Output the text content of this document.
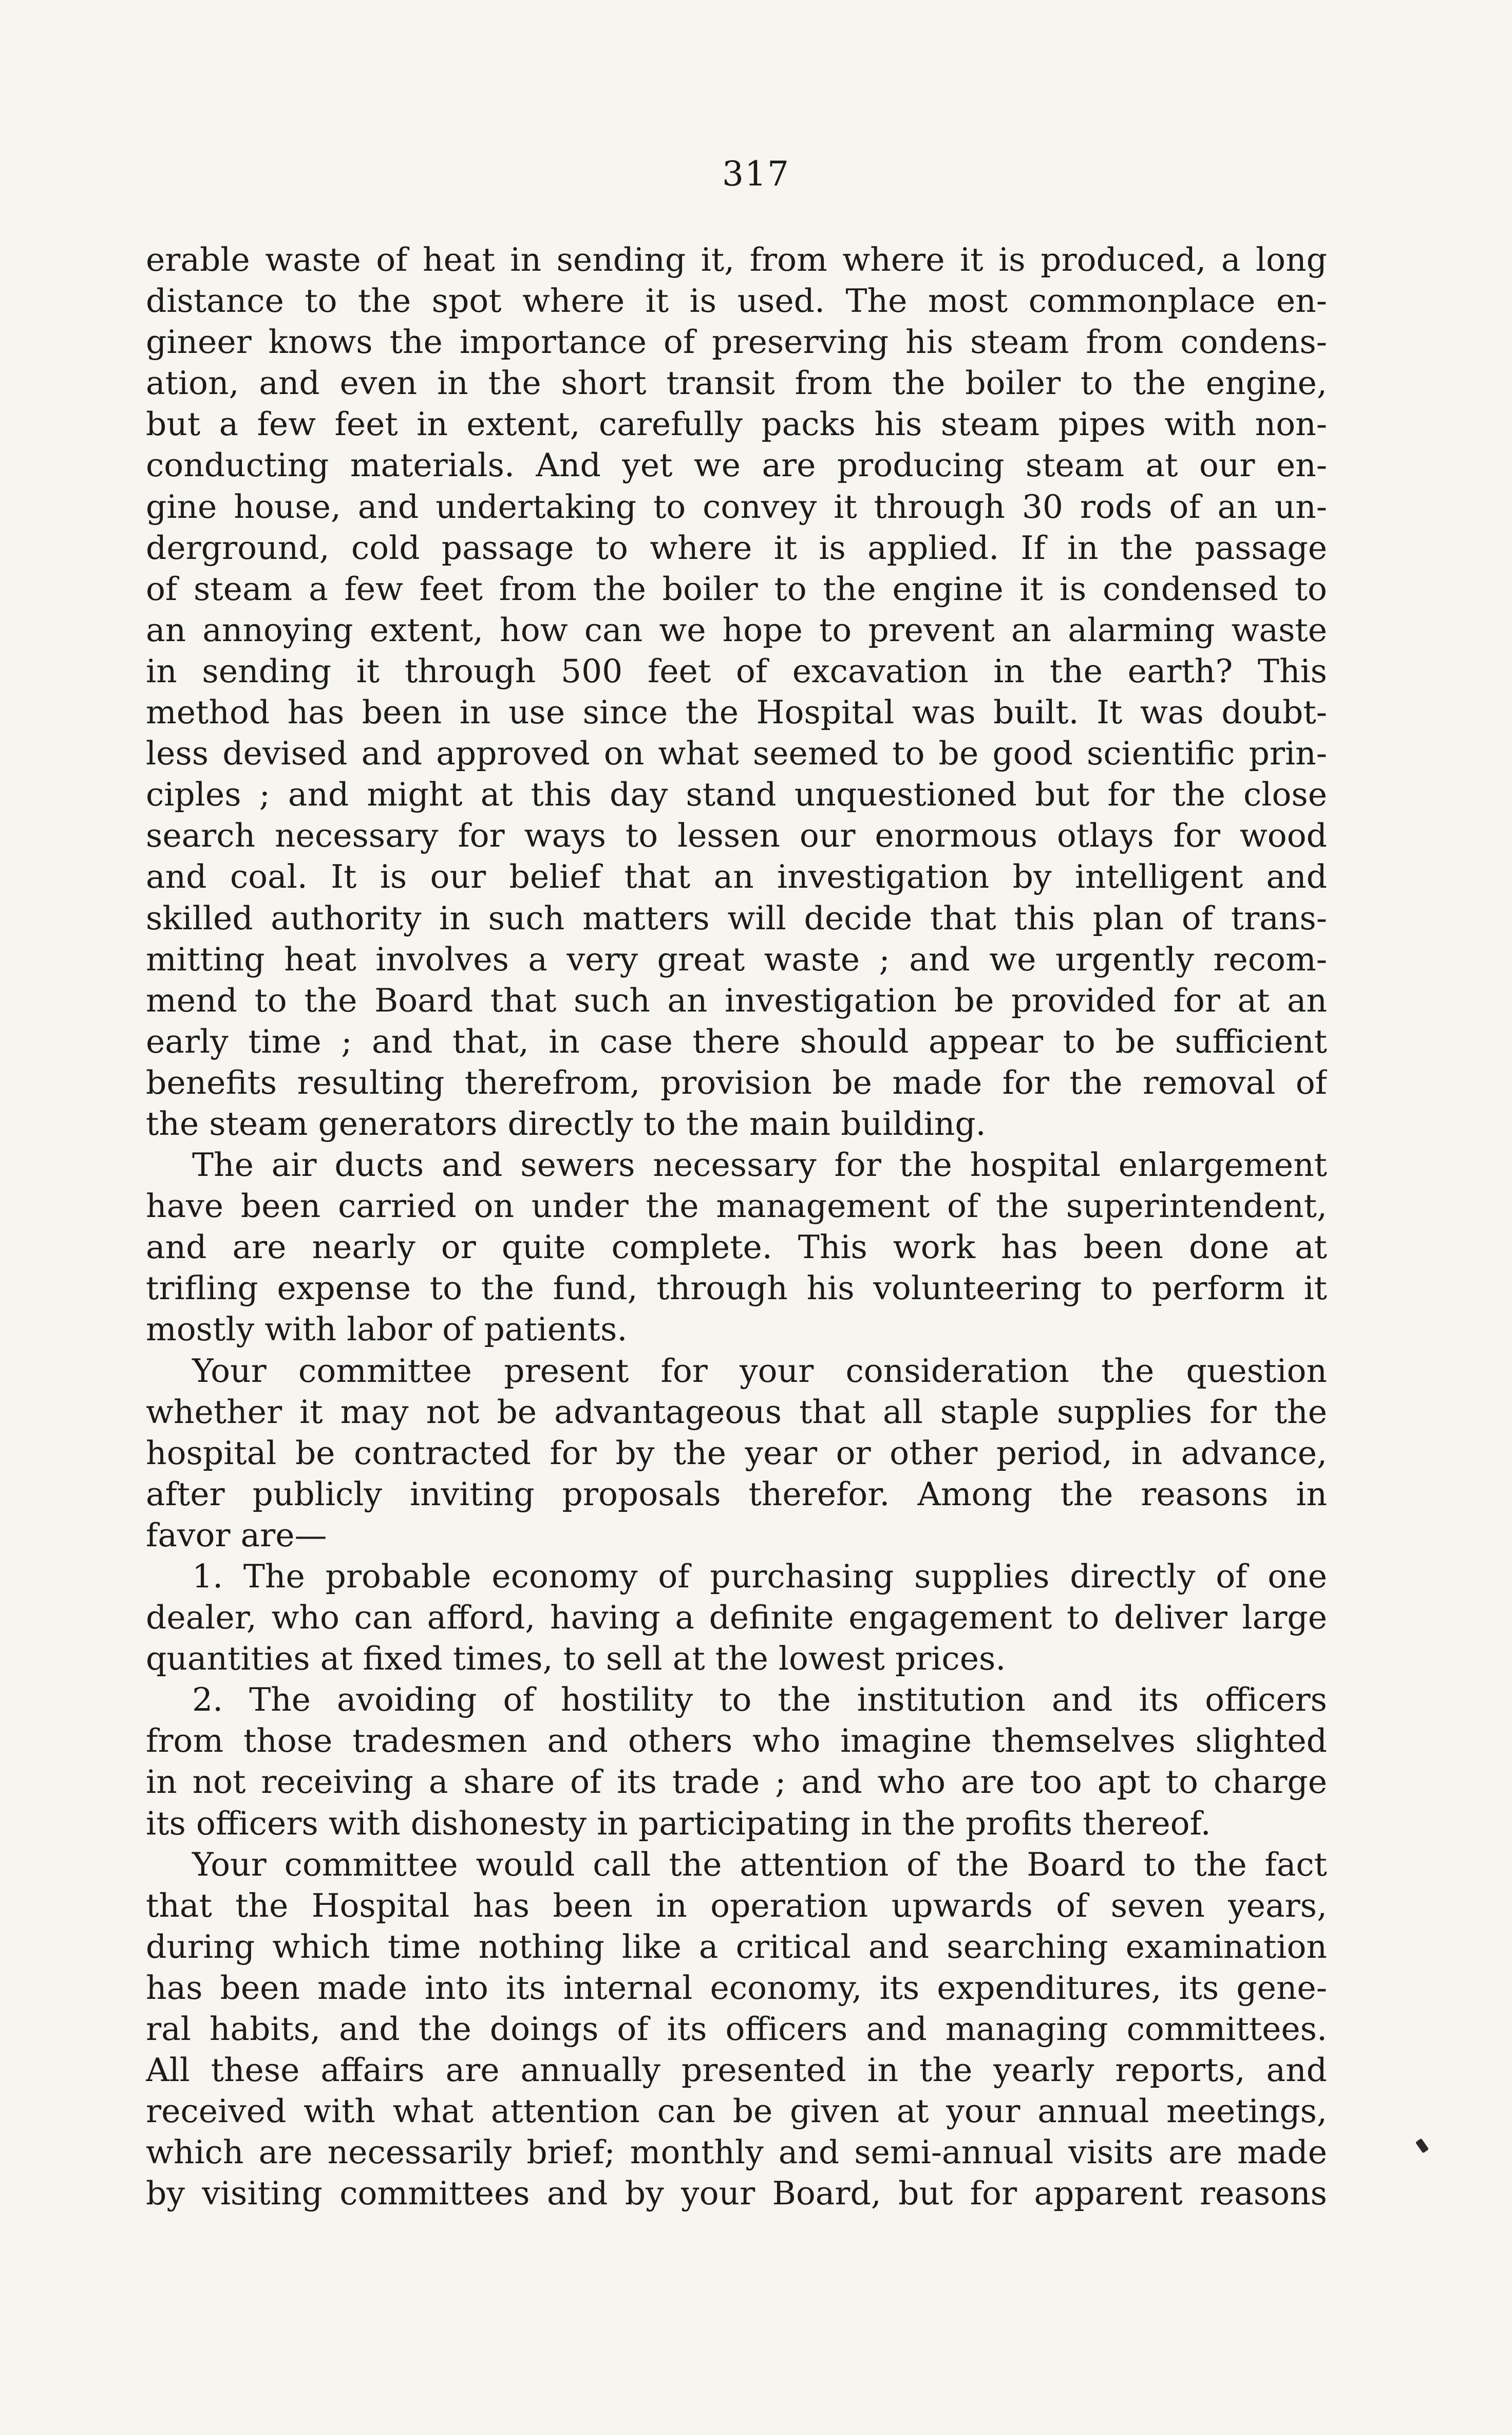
317
erable waste of heat in sending it, from where it is produced, a long
distance to the spot where it is used. The most commonplace en-
gineer knows the importance of preserving his steam from condens-
ation, and even in the short transit from the boiler to the engine,
but a few feet in extent, carefully packs his steam pipes with non-
conducting materials. And yet we are producing steam at our en-
gine house, and undertaking to convey it through 30 rods of an un-
derground, cold passage to where it is applied. If in the passage
of steam a few feet from the boiler to the engine it is condensed to
an annoying extent, how can we hope to prevent an alarming waste
in sending it through 500 feet of excavation in the earth? This
method has been in use since the Hospital was built. It was doubt-
less devised and approved on what seemed to be good scientific prin-
ciples ; and might at this day stand unquestioned but for the close
search necessary for ways to lessen our enormous otlays for wood
and coal. It is our belief that an investigation by intelligent and
skilled authority in such matters will decide that this plan of trans-
mitting heat involves a very great waste ; and we urgently recom-
mend to the Board that such an investigation be provided for at an
early time ; and that, in case there should appear to be sufficient
benefits resulting therefrom, provision be made for the removal of
the steam generators directly to the main building.
The air ducts and sewers necessary for the hospital enlargement
have been carried on under the management of the superintendent,
and are nearly or quite complete. This work has been done at
trifling expense to the fund, through his volunteering to perform it
mostly with labor of patients.
Your committee present for your consideration the question
whether it may not be advantageous that all staple supplies for the
hospital be contracted for by the year or other period, in advance,
after publicly inviting proposals therefor. Among the reasons in
favor are—
1. The probable economy of purchasing supplies directly of one
dealer, who can afford, having a definite engagement to deliver large
quantities at fixed times, to sell at the lowest prices.
2. The avoiding of hostility to the institution and its officers
from those tradesmen and others who imagine themselves slighted
in not receiving a share of its trade ; and who are too apt to charge
its officers with dishonesty in participating in the profits thereof.
Your committee would call the attention of the Board to the fact
that the Hospital has been in operation upwards of seven years,
during which time nothing like a critical and searching examination
has been made into its internal economy, its expenditures, its gene-
ral habits, and the doings of its officers and managing committees.
All these affairs are annually presented in the yearly reports, and
received with what attention can be given at your annual meetings,
which are necessarily brief; monthly and semi-annual visits are made
by visiting committees and by your Board, but for apparent reasons
